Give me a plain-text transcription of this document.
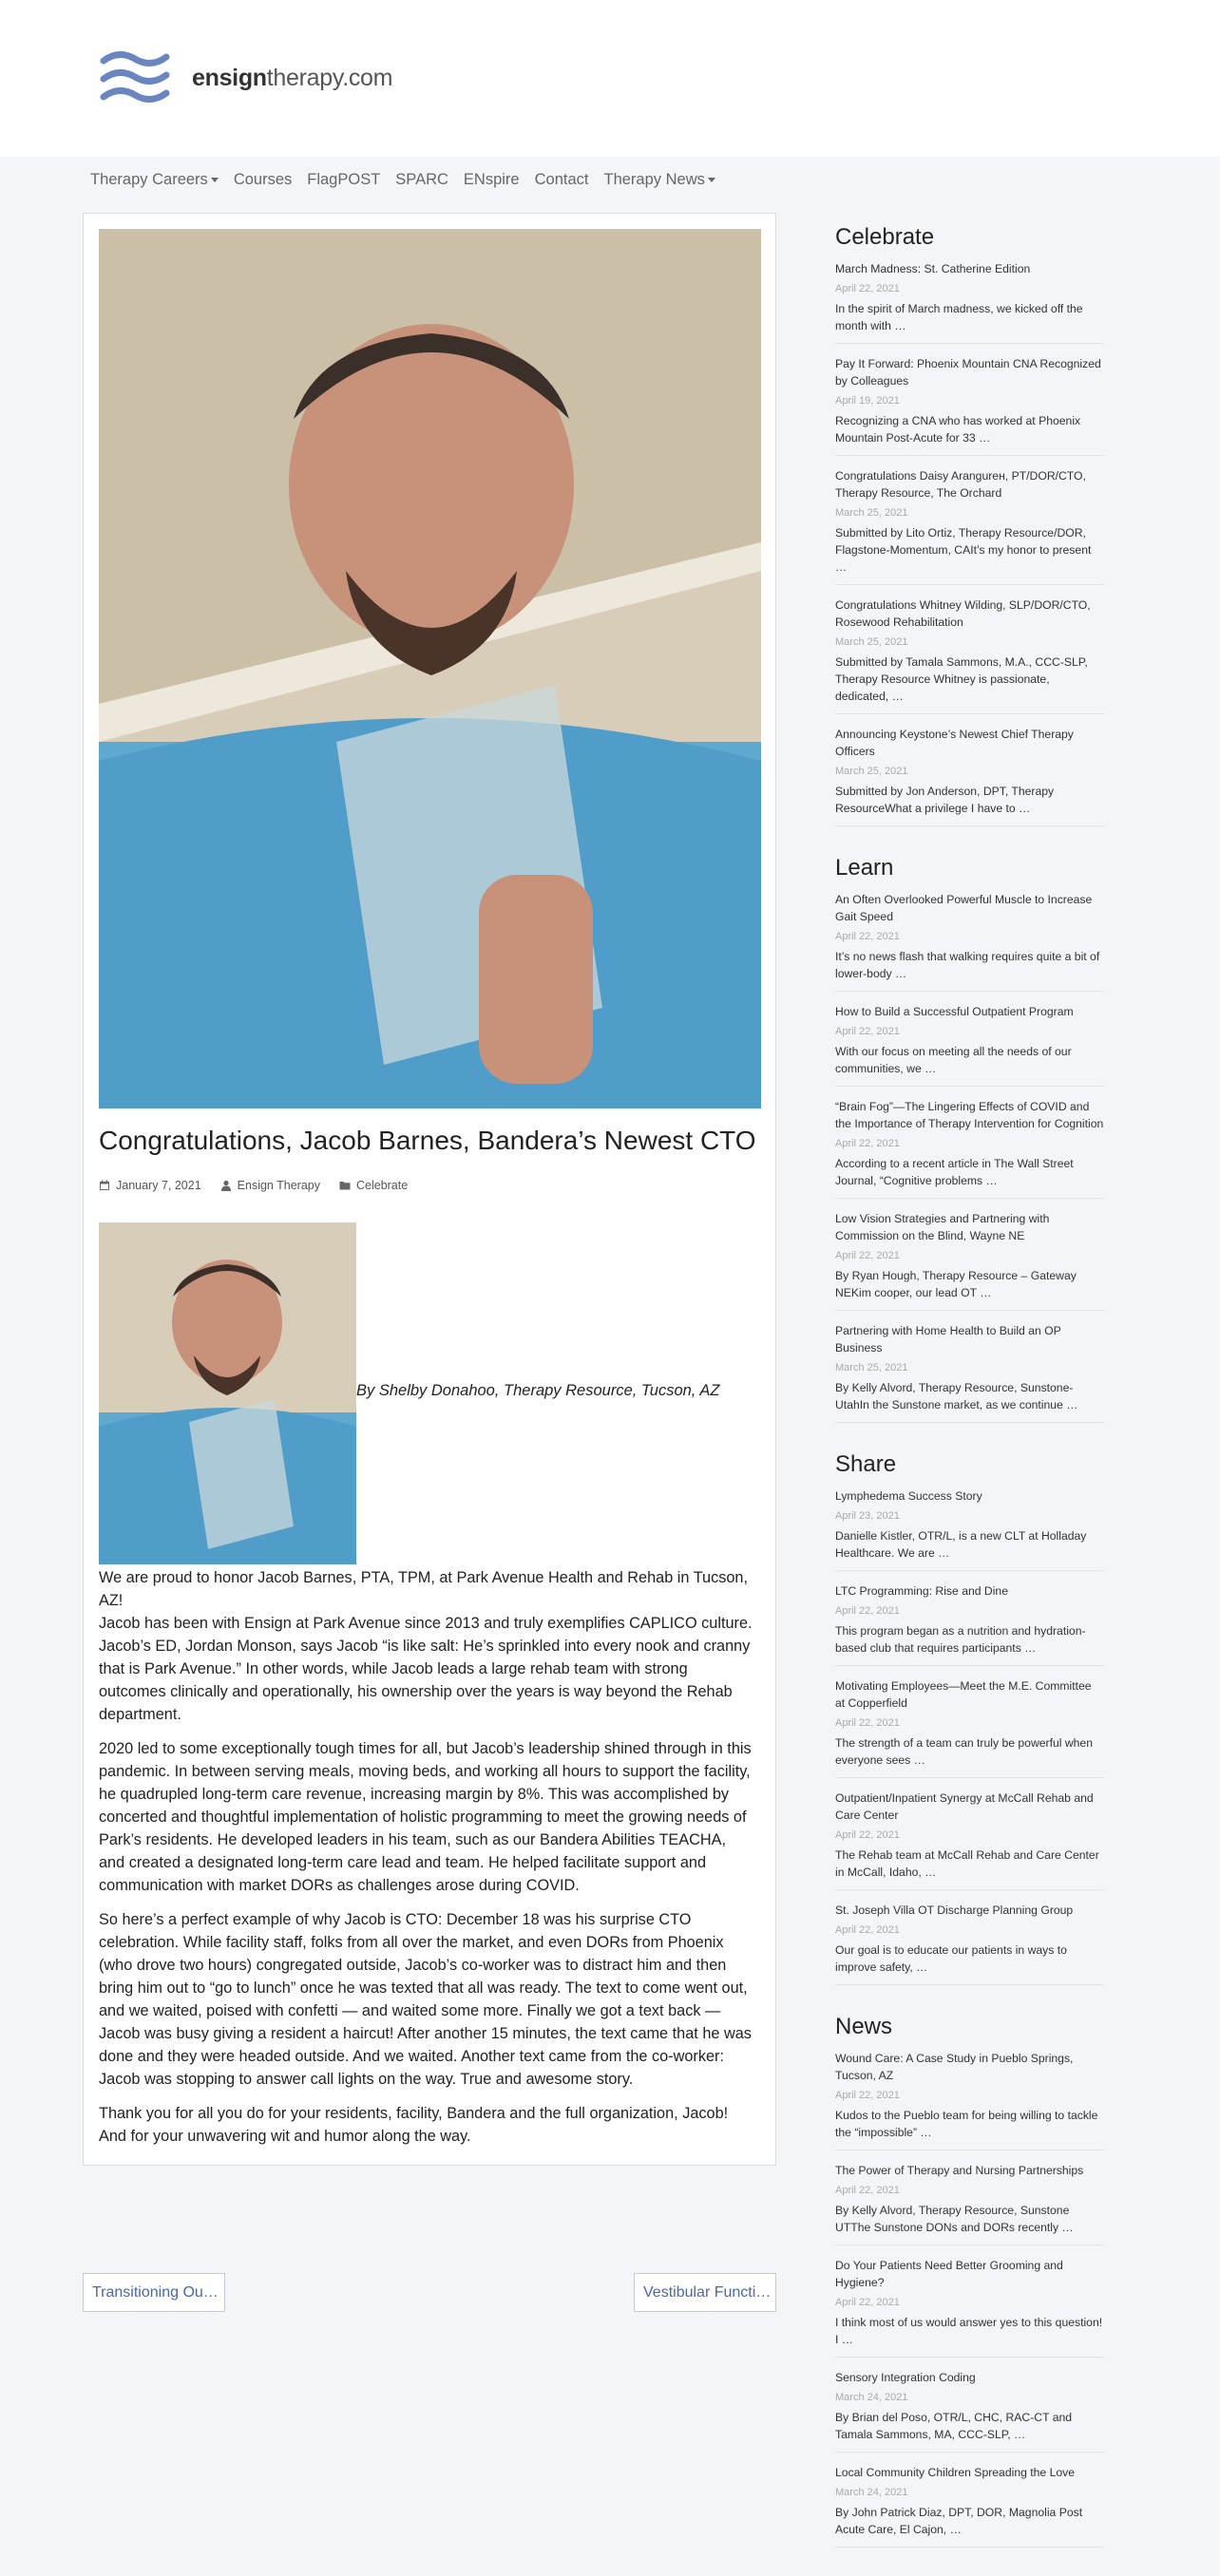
ensigntherapy.com
Therapy Careers	Courses FlagPOST SPARC ENspire Contact Therapy News
Congratulations, Jacob Barnes, Bandera’s Newest CTO
January 7, 2021	Ensign Therapy	Celebrate
By Shelby Donahoo, Therapy Resource, Tucson, AZ

We are proud to honor Jacob Barnes, PTA, TPM, at Park Avenue Health and Rehab in Tucson, AZ!

Jacob has been with Ensign at Park Avenue since 2013 and truly exemplifies CAPLICO culture. Jacob’s ED, Jordan Monson, says Jacob “is like salt: He’s sprinkled into every nook and cranny that is Park Avenue.” In other words, while Jacob leads a large rehab team with strong outcomes clinically and operationally, his ownership over the years is way beyond the Rehab department.

2020 led to some exceptionally tough times for all, but Jacob’s leadership shined through in this pandemic. In between serving meals, moving beds, and working all hours to support the facility, he quadrupled long-term care revenue, increasing margin by 8%. This was accomplished by concerted and thoughtful implementation of holistic programming to meet the growing needs of Park’s residents. He developed leaders in his team, such as our Bandera Abilities TEACHA, and created a designated long-term care lead and team. He helped facilitate support and communication with market DORs as challenges arose during COVID.

So here’s a perfect example of why Jacob is CTO: December 18 was his surprise CTO celebration. While facility staff, folks from all over the market, and even DORs from Phoenix (who drove two hours) congregated outside, Jacob’s co-worker was to distract him and then bring him out to “go to lunch” once he was texted that all was ready. The text to come went out, and we waited, poised with confetti — and waited some more. Finally we got a text back — Jacob was busy giving a resident a haircut! After another 15 minutes, the text came that he was done and they were headed outside. And we waited. Another text came from the co-worker: Jacob was stopping to answer call lights on the way. True and awesome story.

Thank you for all you do for your residents, facility, Bandera and the full organization, Jacob! And for your unwavering wit and humor along the way.

Transitioning Ou…	Vestibular Functi…
Celebrate
March Madness: St. Catherine Edition
April 22, 2021
In the spirit of March madness, we kicked off the month with …
Pay It Forward: Phoenix Mountain CNA Recognized by Colleagues
April 19, 2021
Recognizing a CNA who has worked at Phoenix Mountain Post-Acute for 33 …
Congratulations Daisy Arangurен, PT/DOR/CTO, Therapy Resource, The Orchard
March 25, 2021
Submitted by Lito Ortiz, Therapy Resource/DOR, Flagstone-Momentum, CAIt’s my honor to present …
Congratulations Whitney Wilding, SLP/DOR/CTO, Rosewood Rehabilitation
March 25, 2021
Submitted by Tamala Sammons, M.A., CCC-SLP, Therapy Resource Whitney is passionate, dedicated, …
Announcing Keystone’s Newest Chief Therapy Officers
March 25, 2021
Submitted by Jon Anderson, DPT, Therapy ResourceWhat a privilege I have to …
Learn
An Often Overlooked Powerful Muscle to Increase Gait Speed
April 22, 2021
It’s no news flash that walking requires quite a bit of lower-body …
How to Build a Successful Outpatient Program
April 22, 2021
With our focus on meeting all the needs of our communities, we …
“Brain Fog”—The Lingering Effects of COVID and the Importance of Therapy Intervention for Cognition
April 22, 2021
According to a recent article in The Wall Street Journal, “Cognitive problems …
Low Vision Strategies and Partnering with Commission on the Blind, Wayne NE
April 22, 2021
By Ryan Hough, Therapy Resource – Gateway NEKim cooper, our lead OT …
Partnering with Home Health to Build an OP Business
March 25, 2021
By Kelly Alvord, Therapy Resource, Sunstone-UtahIn the Sunstone market, as we continue …
Share
Lymphedema Success Story
April 23, 2021
Danielle Kistler, OTR/L, is a new CLT at Holladay Healthcare. We are …
LTC Programming: Rise and Dine
April 22, 2021
This program began as a nutrition and hydration-based club that requires participants …
Motivating Employees—Meet the M.E. Committee at Copperfield
April 22, 2021
The strength of a team can truly be powerful when everyone sees …
Outpatient/Inpatient Synergy at McCall Rehab and Care Center
April 22, 2021
The Rehab team at McCall Rehab and Care Center in McCall, Idaho, …
St. Joseph Villa OT Discharge Planning Group
April 22, 2021
Our goal is to educate our patients in ways to improve safety, …
News
Wound Care: A Case Study in Pueblo Springs, Tucson, AZ
April 22, 2021
Kudos to the Pueblo team for being willing to tackle the “impossible” …
The Power of Therapy and Nursing Partnerships
April 22, 2021
By Kelly Alvord, Therapy Resource, Sunstone UTThe Sunstone DONs and DORs recently …
Do Your Patients Need Better Grooming and Hygiene?
April 22, 2021
I think most of us would answer yes to this question! I …
Sensory Integration Coding
March 24, 2021
By Brian del Poso, OTR/L, CHC, RAC-CT and Tamala Sammons, MA, CCC-SLP, …
Local Community Children Spreading the Love
March 24, 2021
By John Patrick Diaz, DPT, DOR, Magnolia Post Acute Care, El Cajon, …
